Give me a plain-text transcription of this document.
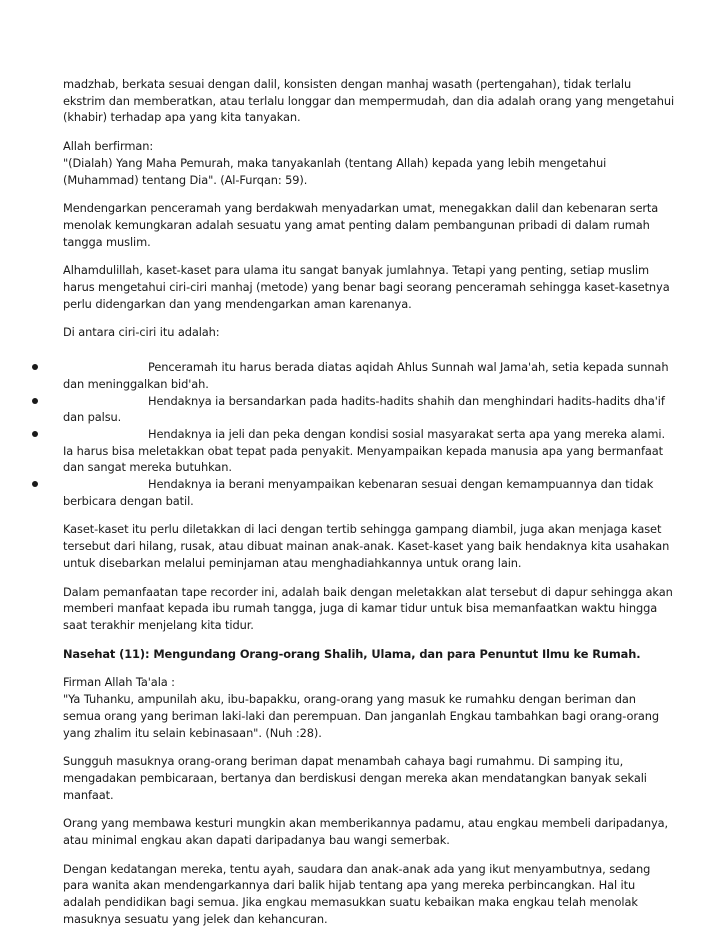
madzhab, berkata sesuai dengan dalil, konsisten dengan manhaj wasath (pertengahan), tidak terlalu ekstrim dan memberatkan, atau terlalu longgar dan mempermudah, dan dia adalah orang yang mengetahui (khabir) terhadap apa yang kita tanyakan.

Allah berfirman:
"(Dialah) Yang Maha Pemurah, maka tanyakanlah (tentang Allah) kepada yang lebih mengetahui (Muhammad) tentang Dia". (Al-Furqan: 59).

Mendengarkan penceramah yang berdakwah menyadarkan umat, menegakkan dalil dan kebenaran serta menolak kemungkaran adalah sesuatu yang amat penting dalam pembangunan pribadi di dalam rumah tangga muslim.

Alhamdulillah, kaset-kaset para ulama itu sangat banyak jumlahnya. Tetapi yang penting, setiap muslim harus mengetahui ciri-ciri manhaj (metode) yang benar bagi seorang penceramah sehingga kaset-kasetnya perlu didengarkan dan yang mendengarkan aman karenanya.

Di antara ciri-ciri itu adalah:

Penceramah itu harus berada diatas aqidah Ahlus Sunnah wal Jama'ah, setia kepada sunnah dan meninggalkan bid'ah.
Hendaknya ia bersandarkan pada hadits-hadits shahih dan menghindari hadits-hadits dha'if dan palsu.
Hendaknya ia jeli dan peka dengan kondisi sosial masyarakat serta apa yang mereka alami. Ia harus bisa meletakkan obat tepat pada penyakit. Menyampaikan kepada manusia apa yang bermanfaat dan sangat mereka butuhkan.
Hendaknya ia berani menyampaikan kebenaran sesuai dengan kemampuannya dan tidak berbicara dengan batil.

Kaset-kaset itu perlu diletakkan di laci dengan tertib sehingga gampang diambil, juga akan menjaga kaset tersebut dari hilang, rusak, atau dibuat mainan anak-anak. Kaset-kaset yang baik hendaknya kita usahakan untuk disebarkan melalui peminjaman atau menghadiahkannya untuk orang lain.

Dalam pemanfaatan tape recorder ini, adalah baik dengan meletakkan alat tersebut di dapur sehingga akan memberi manfaat kepada ibu rumah tangga, juga di kamar tidur untuk bisa memanfaatkan waktu hingga saat terakhir menjelang kita tidur.

Nasehat (11): Mengundang Orang-orang Shalih, Ulama, dan para Penuntut Ilmu ke Rumah.
Firman Allah Ta'ala :
"Ya Tuhanku, ampunilah aku, ibu-bapakku, orang-orang yang masuk ke rumahku dengan beriman dan semua orang yang beriman laki-laki dan perempuan. Dan janganlah Engkau tambahkan bagi orang-orang yang zhalim itu selain kebinasaan". (Nuh :28).

Sungguh masuknya orang-orang beriman dapat menambah cahaya bagi rumahmu. Di samping itu, mengadakan pembicaraan, bertanya dan berdiskusi dengan mereka akan mendatangkan banyak sekali manfaat.

Orang yang membawa kesturi mungkin akan memberikannya padamu, atau engkau membeli daripadanya, atau minimal engkau akan dapati daripadanya bau wangi semerbak.

Dengan kedatangan mereka, tentu ayah, saudara dan anak-anak ada yang ikut menyambutnya, sedang para wanita akan mendengarkannya dari balik hijab tentang apa yang mereka perbincangkan. Hal itu adalah pendidikan bagi semua. Jika engkau memasukkan suatu kebaikan maka engkau telah menolak masuknya sesuatu yang jelek dan kehancuran.
